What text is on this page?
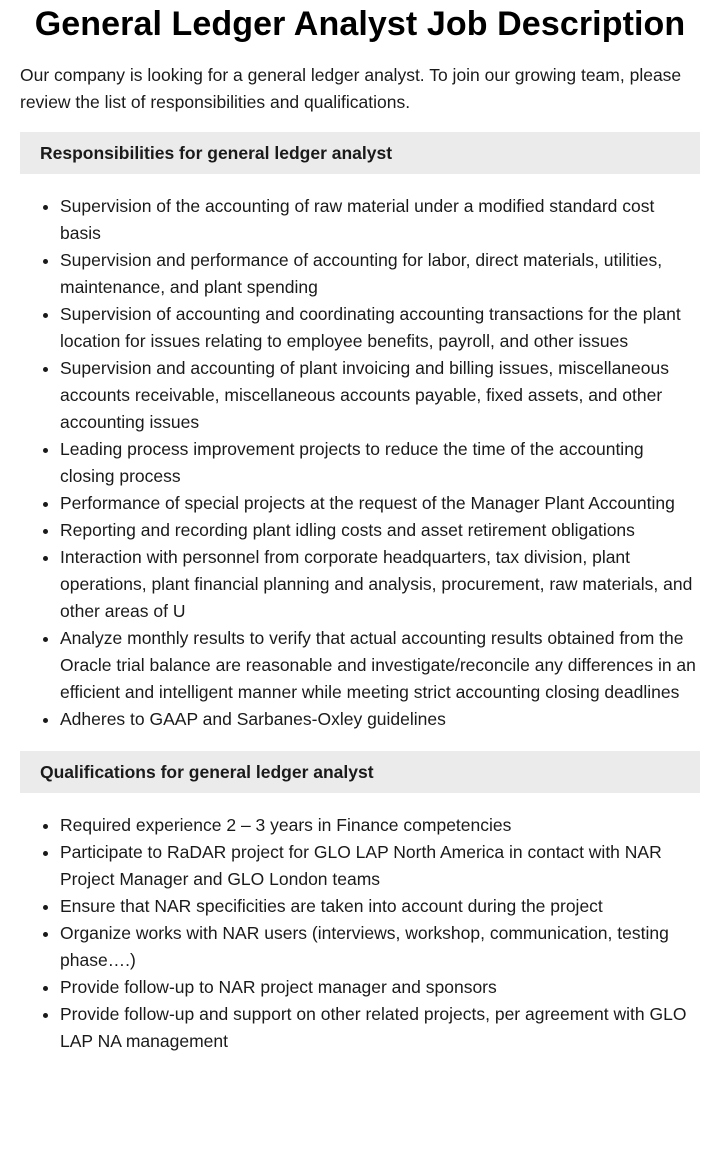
General Ledger Analyst Job Description

Our company is looking for a general ledger analyst. To join our growing team, please review the list of responsibilities and qualifications.

Responsibilities for general ledger analyst
Supervision of the accounting of raw material under a modified standard cost basis
Supervision and performance of accounting for labor, direct materials, utilities, maintenance, and plant spending
Supervision of accounting and coordinating accounting transactions for the plant location for issues relating to employee benefits, payroll, and other issues
Supervision and accounting of plant invoicing and billing issues, miscellaneous accounts receivable, miscellaneous accounts payable, fixed assets, and other accounting issues
Leading process improvement projects to reduce the time of the accounting closing process
Performance of special projects at the request of the Manager Plant Accounting
Reporting and recording plant idling costs and asset retirement obligations
Interaction with personnel from corporate headquarters, tax division, plant operations, plant financial planning and analysis, procurement, raw materials, and other areas of U
Analyze monthly results to verify that actual accounting results obtained from the Oracle trial balance are reasonable and investigate/reconcile any differences in an efficient and intelligent manner while meeting strict accounting closing deadlines
Adheres to GAAP and Sarbanes-Oxley guidelines
Qualifications for general ledger analyst
Required experience 2 – 3 years in Finance competencies
Participate to RaDAR project for GLO LAP North America in contact with NAR Project Manager and GLO London teams
Ensure that NAR specificities are taken into account during the project
Organize works with NAR users (interviews, workshop, communication, testing phase….)
Provide follow-up to NAR project manager and sponsors
Provide follow-up and support on other related projects, per agreement with GLO LAP NA management
